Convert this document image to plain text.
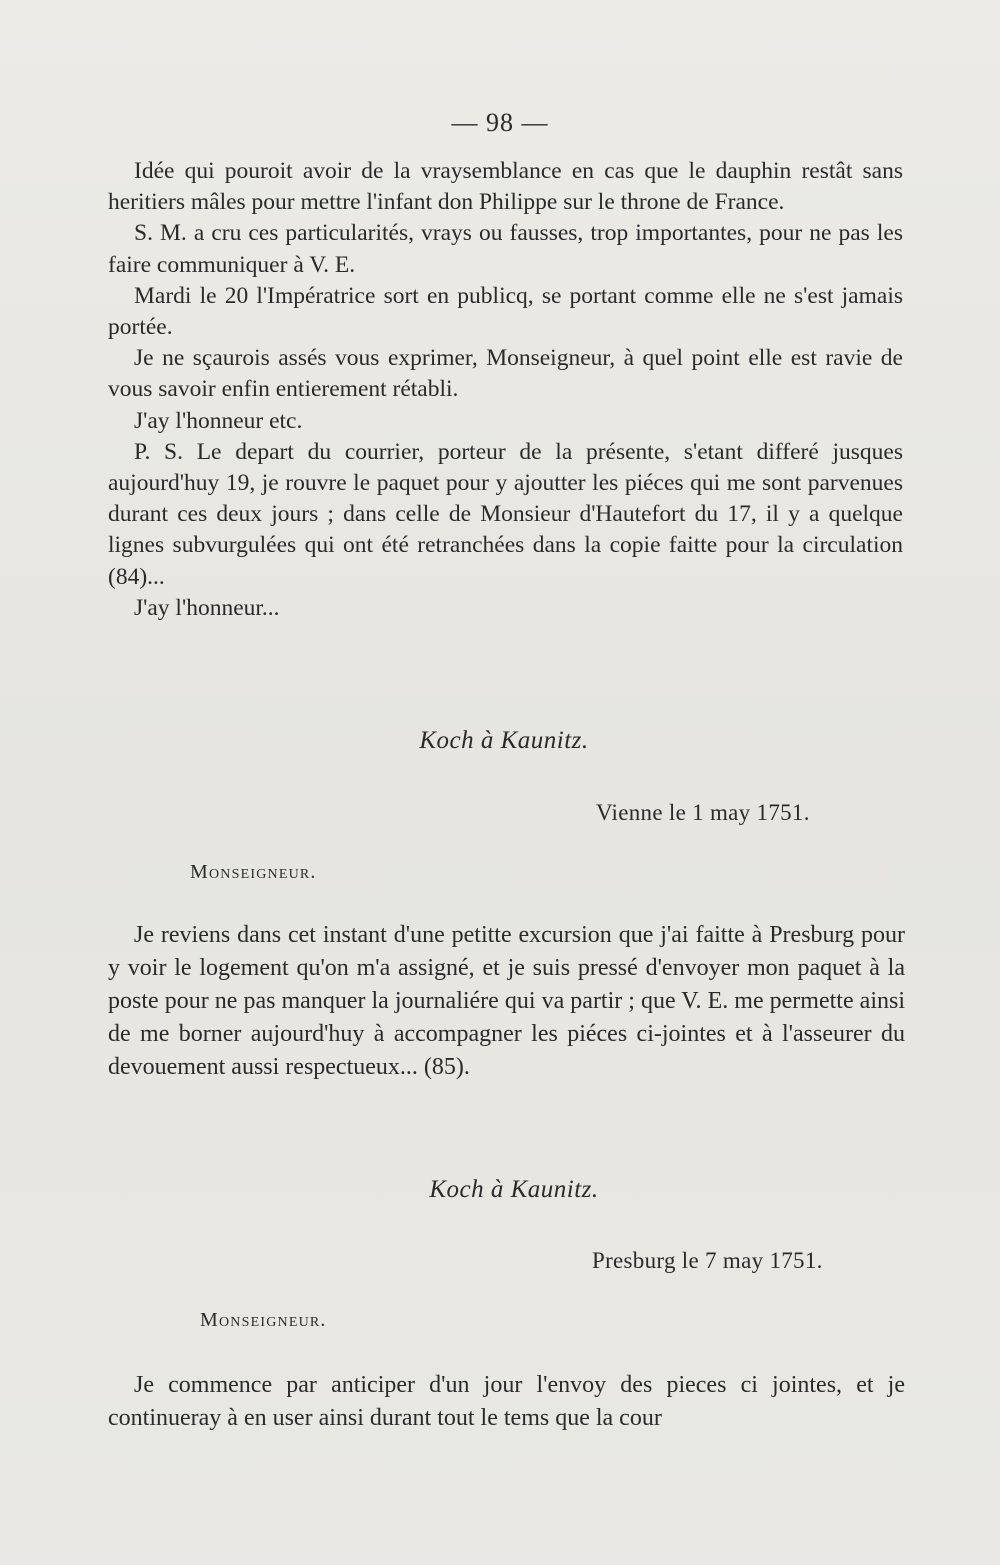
— 98 —

Idée qui pouroit avoir de la vraysemblance en cas que le dauphin restât sans heritiers mâles pour mettre l'infant don Philippe sur le throne de France.

S. M. a cru ces particularités, vrays ou fausses, trop importantes, pour ne pas les faire communiquer à V. E.

Mardi le 20 l'Impératrice sort en publicq, se portant comme elle ne s'est jamais portée.

Je ne sçaurois assés vous exprimer, Monseigneur, à quel point elle est ravie de vous savoir enfin entierement rétabli.

J'ay l'honneur etc.

P. S. Le depart du courrier, porteur de la présente, s'etant differé jusques aujourd'huy 19, je rouvre le paquet pour y ajoutter les piéces qui me sont parvenues durant ces deux jours ; dans celle de Monsieur d'Hautefort du 17, il y a quelque lignes subvurgulées qui ont été retranchées dans la copie faitte pour la circulation (84)...

J'ay l'honneur...

Koch à Kaunitz.
Vienne le 1 may 1751.
Monseigneur.

Je reviens dans cet instant d'une petitte excursion que j'ai faitte à Presburg pour y voir le logement qu'on m'a assigné, et je suis pressé d'envoyer mon paquet à la poste pour ne pas manquer la journaliére qui va partir ; que V. E. me permette ainsi de me borner aujourd'huy à accompagner les piéces ci-jointes et à l'asseurer du devouement aussi respectueux... (85).

Koch à Kaunitz.
Presburg le 7 may 1751.
Monseigneur.

Je commence par anticiper d'un jour l'envoy des pieces ci jointes, et je continueray à en user ainsi durant tout le tems que la cour
